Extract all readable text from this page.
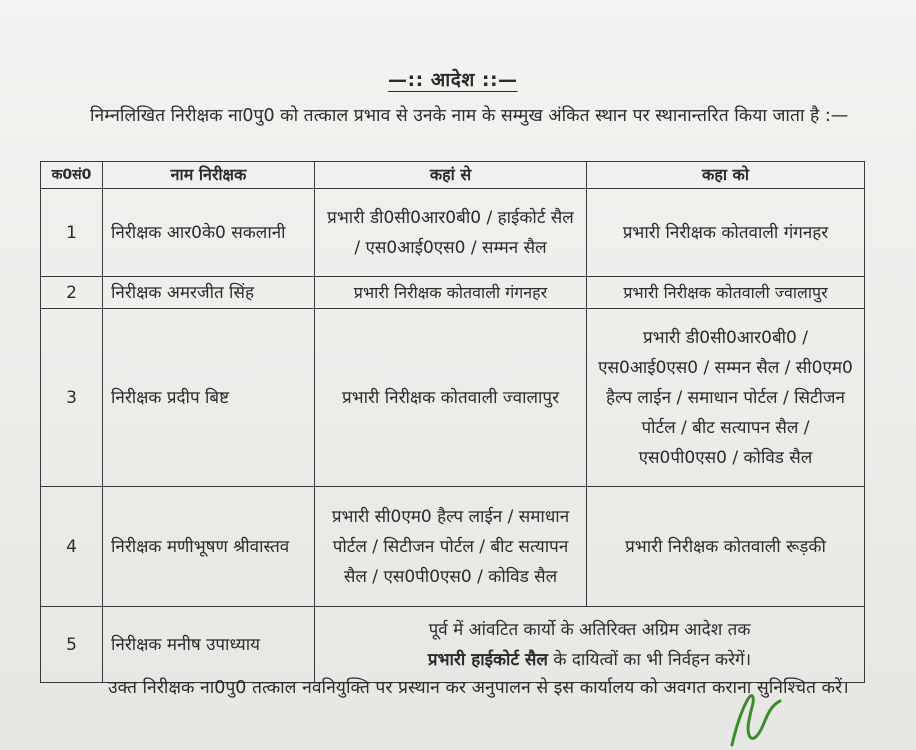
—:: आदेश ::—
निम्नलिखित निरीक्षक ना0पु0 को तत्काल प्रभाव से उनके नाम के सम्मुख अंकित स्थान पर स्थानान्तरित किया जाता है :—
क0सं0	नाम निरीक्षक	कहां से	कहा को
1	निरीक्षक आर0के0 सकलानी	प्रभारी डी0सी0आर0बी0 / हाईकोर्ट सैल / एस0आई0एस0 / सम्मन सैल	प्रभारी निरीक्षक कोतवाली गंगनहर
2	निरीक्षक अमरजीत सिंह	प्रभारी निरीक्षक कोतवाली गंगनहर	प्रभारी निरीक्षक कोतवाली ज्वालापुर
3	निरीक्षक प्रदीप बिष्ट	प्रभारी निरीक्षक कोतवाली ज्वालापुर	प्रभारी डी0सी0आर0बी0 / एस0आई0एस0 / सम्मन सैल / सी0एम0 हैल्प लाईन / समाधान पोर्टल / सिटीजन पोर्टल / बीट सत्यापन सैल / एस0पी0एस0 / कोविड सैल
4	निरीक्षक मणीभूषण श्रीवास्तव	प्रभारी सी0एम0 हैल्प लाईन / समाधान पोर्टल / सिटीजन पोर्टल / बीट सत्यापन सैल / एस0पी0एस0 / कोविड सैल	प्रभारी निरीक्षक कोतवाली रूड़की
5	निरीक्षक मनीष उपाध्याय	पूर्व में आंवटित कार्यो के अतिरिक्त अग्रिम आदेश तक
प्रभारी हाईकोर्ट सैल के दायित्वों का भी निर्वहन करेगें।	
उक्त निरीक्षक ना0पु0 तत्काल नवनियुक्ति पर प्रस्थान कर अनुपालन से इस कार्यालय को अवगत कराना सुनिश्चित करें।
